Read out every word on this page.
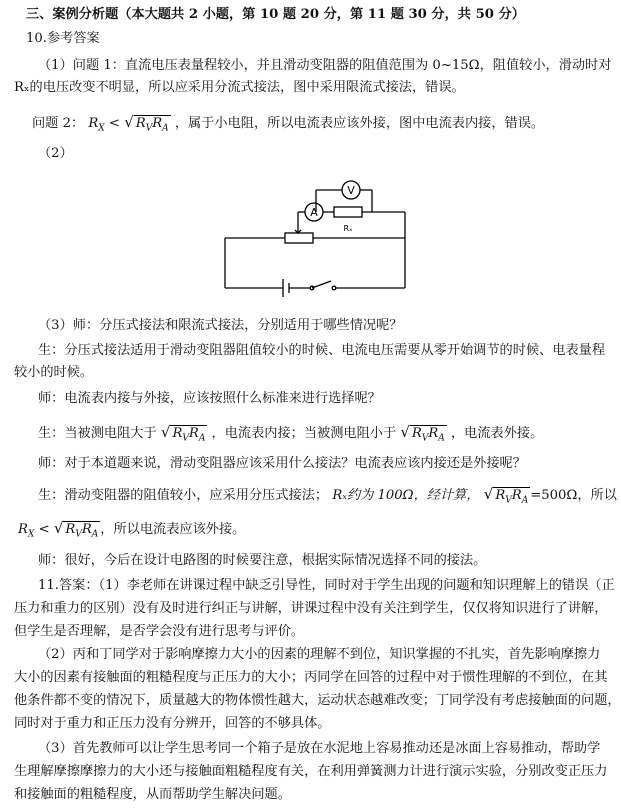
三、案例分析题（本大题共 2 小题，第 10 题 20 分，第 11 题 30 分，共 50 分）
10.参考答案
（1）问题 1：直流电压表量程较小，并且滑动变阻器的阻值范围为 0~15Ω，阻值较小，滑动时对
Rₓ的电压改变不明显，所以应采用分流式接法，图中采用限流式接法，错误。
问题 2： $R_X$ < √ $R_VR_A$ ，属于小电阻，所以电流表应该外接，图中电流表内接，错误。
（2）
V
A
Rₓ
（3）师：分压式接法和限流式接法，分别适用于哪些情况呢？
生：分压式接法适用于滑动变阻器阻值较小的时候、电流电压需要从零开始调节的时候、电表量程
较小的时候。
师：电流表内接与外接，应该按照什么标准来进行选择呢？
生：当被测电阻大于 √ $R_VR_A$ ，电流表内接；当被测电阻小于 √ $R_VR_A$ ，电流表外接。
师：对于本道题来说，滑动变阻器应该采用什么接法？电流表应该内接还是外接呢？
生：滑动变阻器的阻值较小，应采用分压式接法； Rₓ约为 100Ω，经计算， √ $R_VR_A =500\Omega$，所以
$R_X$ < √ $R_VR_A$ ，所以电流表应该外接。
师：很好，今后在设计电路图的时候要注意，根据实际情况选择不同的接法。
11.答案：（1）李老师在讲课过程中缺乏引导性，同时对于学生出现的问题和知识理解上的错误（正
压力和重力的区别）没有及时进行纠正与讲解，讲课过程中没有关注到学生，仅仅将知识进行了讲解，
但学生是否理解，是否学会没有进行思考与评价。
（2）丙和丁同学对于影响摩擦力大小的因素的理解不到位，知识掌握的不扎实，首先影响摩擦力
大小的因素有接触面的粗糙程度与正压力的大小；丙同学在回答的过程中对于惯性理解的不到位，在其
他条件都不变的情况下，质量越大的物体惯性越大，运动状态越难改变；丁同学没有考虑接触面的问题，
同时对于重力和正压力没有分辨开，回答的不够具体。
（3）首先教师可以让学生思考同一个箱子是放在水泥地上容易推动还是冰面上容易推动，帮助学
生理解摩擦摩擦力的大小还与接触面粗糙程度有关，在利用弹簧测力计进行演示实验，分别改变正压力
和接触面的粗糙程度，从而帮助学生解决问题。
